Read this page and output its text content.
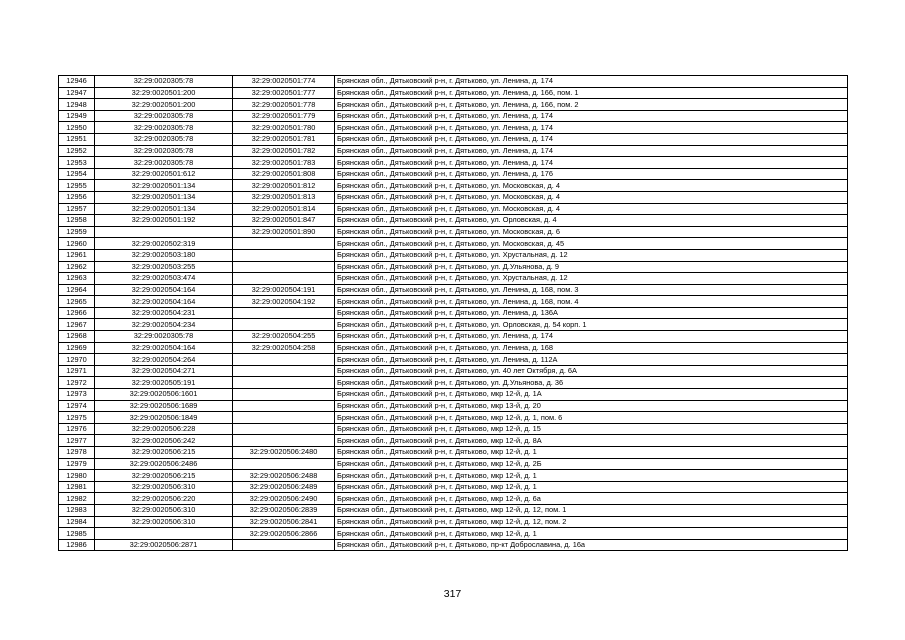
12946	32:29:0020305:78	32:29:0020501:774	Брянская обл., Дятьковский р-н, г. Дятьково, ул. Ленина, д. 174
12947	32:29:0020501:200	32:29:0020501:777	Брянская обл., Дятьковский р-н, г. Дятьково, ул. Ленина, д. 166, пом. 1
12948	32:29:0020501:200	32:29:0020501:778	Брянская обл., Дятьковский р-н, г. Дятьково, ул. Ленина, д. 166, пом. 2
12949	32:29:0020305:78	32:29:0020501:779	Брянская обл., Дятьковский р-н, г. Дятьково, ул. Ленина, д. 174
12950	32:29:0020305:78	32:29:0020501:780	Брянская обл., Дятьковский р-н, г. Дятьково, ул. Ленина, д. 174
12951	32:29:0020305:78	32:29:0020501:781	Брянская обл., Дятьковский р-н, г. Дятьково, ул. Ленина, д. 174
12952	32:29:0020305:78	32:29:0020501:782	Брянская обл., Дятьковский р-н, г. Дятьково, ул. Ленина, д. 174
12953	32:29:0020305:78	32:29:0020501:783	Брянская обл., Дятьковский р-н, г. Дятьково, ул. Ленина, д. 174
12954	32:29:0020501:612	32:29:0020501:808	Брянская обл., Дятьковский р-н, г. Дятьково, ул. Ленина, д. 176
12955	32:29:0020501:134	32:29:0020501:812	Брянская обл., Дятьковский р-н, г. Дятьково, ул. Московская, д. 4
12956	32:29:0020501:134	32:29:0020501:813	Брянская обл., Дятьковский р-н, г. Дятьково, ул. Московская, д. 4
12957	32:29:0020501:134	32:29:0020501:814	Брянская обл., Дятьковский р-н, г. Дятьково, ул. Московская, д. 4
12958	32:29:0020501:192	32:29:0020501:847	Брянская обл., Дятьковский р-н, г. Дятьково, ул. Орловская, д. 4
12959		32:29:0020501:890	Брянская обл., Дятьковский р-н, г. Дятьково, ул. Московская, д. 6
12960	32:29:0020502:319		Брянская обл., Дятьковский р-н, г. Дятьково, ул. Московская, д. 45
12961	32:29:0020503:180		Брянская обл., Дятьковский р-н, г. Дятьково, ул. Хрустальная, д. 12
12962	32:29:0020503:255		Брянская обл., Дятьковский р-н, г. Дятьково, ул. Д.Ульянова, д. 9
12963	32:29:0020503:474		Брянская обл., Дятьковский р-н, г. Дятьково, ул. Хрустальная, д. 12
12964	32:29:0020504:164	32:29:0020504:191	Брянская обл., Дятьковский р-н, г. Дятьково, ул. Ленина, д. 168, пом. 3
12965	32:29:0020504:164	32:29:0020504:192	Брянская обл., Дятьковский р-н, г. Дятьково, ул. Ленина, д. 168, пом. 4
12966	32:29:0020504:231		Брянская обл., Дятьковский р-н, г. Дятьково, ул. Ленина, д. 136А
12967	32:29:0020504:234		Брянская обл., Дятьковский р-н, г. Дятьково, ул. Орловская, д. 54 корп. 1
12968	32:29:0020305:78	32:29:0020504:255	Брянская обл., Дятьковский р-н, г. Дятьково, ул. Ленина, д. 174
12969	32:29:0020504:164	32:29:0020504:258	Брянская обл., Дятьковский р-н, г. Дятьково, ул. Ленина, д. 168
12970	32:29:0020504:264		Брянская обл., Дятьковский р-н, г. Дятьково, ул. Ленина, д. 112А
12971	32:29:0020504:271		Брянская обл., Дятьковский р-н, г. Дятьково, ул. 40 лет Октября, д. 6А
12972	32:29:0020505:191		Брянская обл., Дятьковский р-н, г. Дятьково, ул. Д.Ульянова, д. 36
12973	32:29:0020506:1601		Брянская обл., Дятьковский р-н, г. Дятьково, мкр 12-й, д. 1А
12974	32:29:0020506:1689		Брянская обл., Дятьковский р-н, г. Дятьково, мкр 13-й, д. 20
12975	32:29:0020506:1849		Брянская обл., Дятьковский р-н, г. Дятьково, мкр 12-й, д. 1, пом. 6
12976	32:29:0020506:228		Брянская обл., Дятьковский р-н, г. Дятьково, мкр 12-й, д. 15
12977	32:29:0020506:242		Брянская обл., Дятьковский р-н, г. Дятьково, мкр 12-й, д. 8А
12978	32:29:0020506:215	32:29:0020506:2480	Брянская обл., Дятьковский р-н, г. Дятьково, мкр 12-й, д. 1
12979	32:29:0020506:2486		Брянская обл., Дятьковский р-н, г. Дятьково, мкр 12-й, д. 2Б
12980	32:29:0020506:215	32:29:0020506:2488	Брянская обл., Дятьковский р-н, г. Дятьково, мкр 12-й, д. 1
12981	32:29:0020506:310	32:29:0020506:2489	Брянская обл., Дятьковский р-н, г. Дятьково, мкр 12-й, д. 1
12982	32:29:0020506:220	32:29:0020506:2490	Брянская обл., Дятьковский р-н, г. Дятьково, мкр 12-й, д. 6а
12983	32:29:0020506:310	32:29:0020506:2839	Брянская обл., Дятьковский р-н, г. Дятьково, мкр 12-й, д. 12, пом. 1
12984	32:29:0020506:310	32:29:0020506:2841	Брянская обл., Дятьковский р-н, г. Дятьково, мкр 12-й, д. 12, пом. 2
12985		32:29:0020506:2866	Брянская обл., Дятьковский р-н, г. Дятьково, мкр 12-й, д. 1
12986	32:29:0020506:2871		Брянская обл., Дятьковский р-н, г. Дятьково, пр-кт Доброславина, д. 16а
317
